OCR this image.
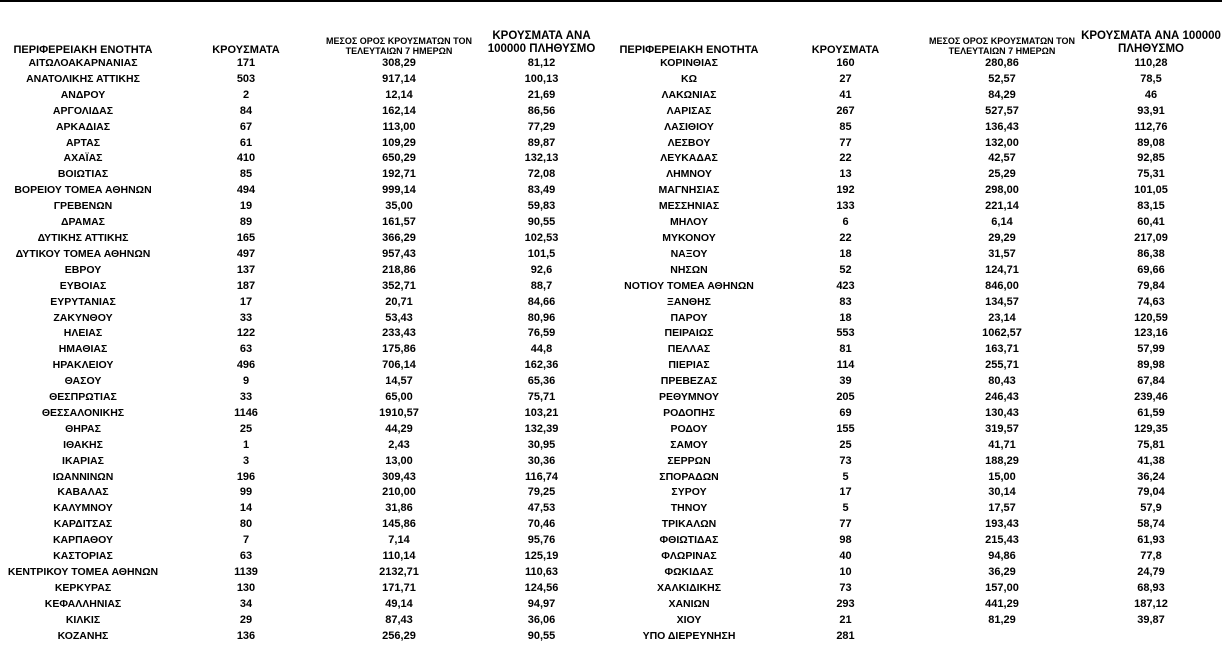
ΠΕΡΙΦΕΡΕΙΑΚΗ ΕΝΟΤΗΤΑ	ΚΡΟΥΣΜΑΤΑ	ΜΕΣΟΣ ΟΡΟΣ ΚΡΟΥΣΜΑΤΩΝ ΤΟΝ ΤΕΛΕΥΤΑΙΩΝ 7 ΗΜΕΡΩΝ	ΚΡΟΥΣΜΑΤΑ ΑΝΑ 100000 ΠΛΗΘΥΣΜΟ
ΑΙΤΩΛΟΑΚΑΡΝΑΝΙΑΣ	171	308,29	81,12
ΑΝΑΤΟΛΙΚΗΣ ΑΤΤΙΚΗΣ	503	917,14	100,13
ΑΝΔΡΟΥ	2	12,14	21,69
ΑΡΓΟΛΙΔΑΣ	84	162,14	86,56
ΑΡΚΑΔΙΑΣ	67	113,00	77,29
ΑΡΤΑΣ	61	109,29	89,87
ΑΧΑΪΑΣ	410	650,29	132,13
ΒΟΙΩΤΙΑΣ	85	192,71	72,08
ΒΟΡΕΙΟΥ ΤΟΜΕΑ ΑΘΗΝΩΝ	494	999,14	83,49
ΓΡΕΒΕΝΩΝ	19	35,00	59,83
ΔΡΑΜΑΣ	89	161,57	90,55
ΔΥΤΙΚΗΣ ΑΤΤΙΚΗΣ	165	366,29	102,53
ΔΥΤΙΚΟΥ ΤΟΜΕΑ ΑΘΗΝΩΝ	497	957,43	101,5
ΕΒΡΟΥ	137	218,86	92,6
ΕΥΒΟΙΑΣ	187	352,71	88,7
ΕΥΡΥΤΑΝΙΑΣ	17	20,71	84,66
ΖΑΚΥΝΘΟΥ	33	53,43	80,96
ΗΛΕΙΑΣ	122	233,43	76,59
ΗΜΑΘΙΑΣ	63	175,86	44,8
ΗΡΑΚΛΕΙΟΥ	496	706,14	162,36
ΘΑΣΟΥ	9	14,57	65,36
ΘΕΣΠΡΩΤΙΑΣ	33	65,00	75,71
ΘΕΣΣΑΛΟΝΙΚΗΣ	1146	1910,57	103,21
ΘΗΡΑΣ	25	44,29	132,39
ΙΘΑΚΗΣ	1	2,43	30,95
ΙΚΑΡΙΑΣ	3	13,00	30,36
ΙΩΑΝΝΙΝΩΝ	196	309,43	116,74
ΚΑΒΑΛΑΣ	99	210,00	79,25
ΚΑΛΥΜΝΟΥ	14	31,86	47,53
ΚΑΡΔΙΤΣΑΣ	80	145,86	70,46
ΚΑΡΠΑΘΟΥ	7	7,14	95,76
ΚΑΣΤΟΡΙΑΣ	63	110,14	125,19
ΚΕΝΤΡΙΚΟΥ ΤΟΜΕΑ ΑΘΗΝΩΝ	1139	2132,71	110,63
ΚΕΡΚΥΡΑΣ	130	171,71	124,56
ΚΕΦΑΛΛΗΝΙΑΣ	34	49,14	94,97
ΚΙΛΚΙΣ	29	87,43	36,06
ΚΟΖΑΝΗΣ	136	256,29	90,55
ΠΕΡΙΦΕΡΕΙΑΚΗ ΕΝΟΤΗΤΑ	ΚΡΟΥΣΜΑΤΑ	ΜΕΣΟΣ ΟΡΟΣ ΚΡΟΥΣΜΑΤΩΝ ΤΟΝ ΤΕΛΕΥΤΑΙΩΝ 7 ΗΜΕΡΩΝ	ΚΡΟΥΣΜΑΤΑ ΑΝΑ 100000 ΠΛΗΘΥΣΜΟ
ΚΟΡΙΝΘΙΑΣ	160	280,86	110,28
ΚΩ	27	52,57	78,5
ΛΑΚΩΝΙΑΣ	41	84,29	46
ΛΑΡΙΣΑΣ	267	527,57	93,91
ΛΑΣΙΘΙΟΥ	85	136,43	112,76
ΛΕΣΒΟΥ	77	132,00	89,08
ΛΕΥΚΑΔΑΣ	22	42,57	92,85
ΛΗΜΝΟΥ	13	25,29	75,31
ΜΑΓΝΗΣΙΑΣ	192	298,00	101,05
ΜΕΣΣΗΝΙΑΣ	133	221,14	83,15
ΜΗΛΟΥ	6	6,14	60,41
ΜΥΚΟΝΟΥ	22	29,29	217,09
ΝΑΞΟΥ	18	31,57	86,38
ΝΗΣΩΝ	52	124,71	69,66
ΝΟΤΙΟΥ ΤΟΜΕΑ ΑΘΗΝΩΝ	423	846,00	79,84
ΞΑΝΘΗΣ	83	134,57	74,63
ΠΑΡΟΥ	18	23,14	120,59
ΠΕΙΡΑΙΩΣ	553	1062,57	123,16
ΠΕΛΛΑΣ	81	163,71	57,99
ΠΙΕΡΙΑΣ	114	255,71	89,98
ΠΡΕΒΕΖΑΣ	39	80,43	67,84
ΡΕΘΥΜΝΟΥ	205	246,43	239,46
ΡΟΔΟΠΗΣ	69	130,43	61,59
ΡΟΔΟΥ	155	319,57	129,35
ΣΑΜΟΥ	25	41,71	75,81
ΣΕΡΡΩΝ	73	188,29	41,38
ΣΠΟΡΑΔΩΝ	5	15,00	36,24
ΣΥΡΟΥ	17	30,14	79,04
ΤΗΝΟΥ	5	17,57	57,9
ΤΡΙΚΑΛΩΝ	77	193,43	58,74
ΦΘΙΩΤΙΔΑΣ	98	215,43	61,93
ΦΛΩΡΙΝΑΣ	40	94,86	77,8
ΦΩΚΙΔΑΣ	10	36,29	24,79
ΧΑΛΚΙΔΙΚΗΣ	73	157,00	68,93
ΧΑΝΙΩΝ	293	441,29	187,12
ΧΙΟΥ	21	81,29	39,87
ΥΠΟ ΔΙΕΡΕΥΝΗΣΗ	281		
